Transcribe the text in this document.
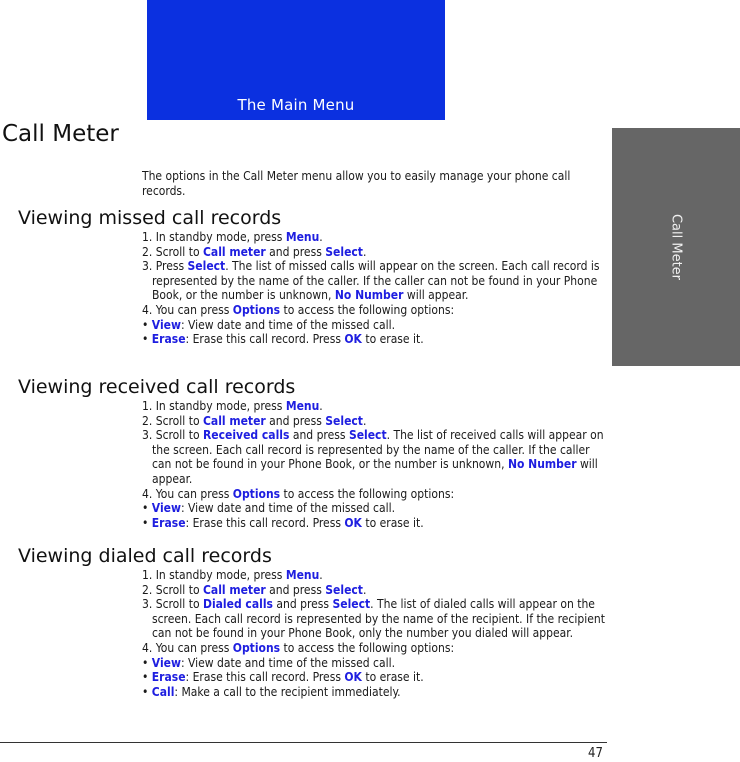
The Main Menu
Call Meter
Call Meter

The options in the Call Meter menu allow you to easily manage your phone call records.

Viewing missed call records
1. In standby mode, press Menu.
2. Scroll to Call meter and press Select.
3. Press Select. The list of missed calls will appear on the screen. Each call record is represented by the name of the caller. If the caller can not be found in your Phone Book, or the number is unknown, No Number will appear.
4. You can press Options to access the following options:
• View: View date and time of the missed call.
• Erase: Erase this call record. Press OK to erase it.
Viewing received call records
1. In standby mode, press Menu.
2. Scroll to Call meter and press Select.
3. Scroll to Received calls and press Select. The list of received calls will appear on the screen. Each call record is represented by the name of the caller. If the caller can not be found in your Phone Book, or the number is unknown, No Number will appear.
4. You can press Options to access the following options:
• View: View date and time of the missed call.
• Erase: Erase this call record. Press OK to erase it.
Viewing dialed call records
1. In standby mode, press Menu.
2. Scroll to Call meter and press Select.
3. Scroll to Dialed calls and press Select. The list of dialed calls will appear on the screen. Each call record is represented by the name of the recipient. If the recipient can not be found in your Phone Book, only the number you dialed will appear.
4. You can press Options to access the following options:
• View: View date and time of the missed call.
• Erase: Erase this call record. Press OK to erase it.
• Call: Make a call to the recipient immediately.
47
